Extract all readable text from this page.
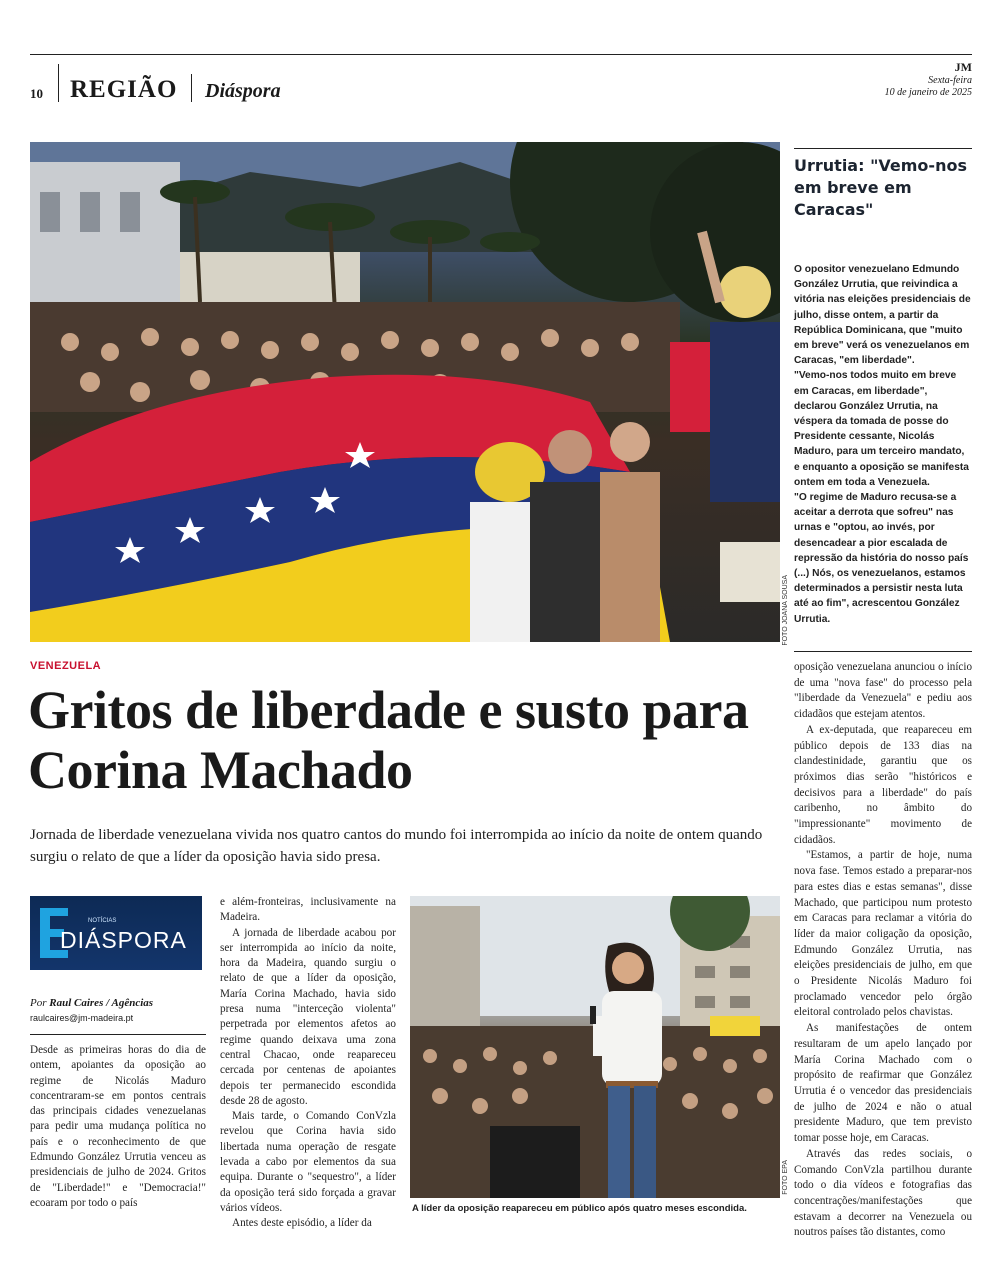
10 REGIÃO Diáspora
JM
Sexta-feira
10 de janeiro de 2025
FOTO JOANA SOUSA
Urrutia: "Vemo-nos em breve em Caracas"

O opositor venezuelano Edmundo González Urrutia, que reivindica a vitória nas eleições presidenciais de julho, disse ontem, a partir da República Dominicana, que "muito em breve" verá os venezuelanos em Caracas, "em liberdade".

"Vemo-nos todos muito em breve em Caracas, em liberdade", declarou González Urrutia, na véspera da tomada de posse do Presidente cessante, Nicolás Maduro, para um terceiro mandato, e enquanto a oposição se manifesta ontem em toda a Venezuela.

"O regime de Maduro recusa-se a aceitar a derrota que sofreu" nas urnas e "optou, ao invés, por desencadear a pior escalada de repressão da história do nosso país (...) Nós, os venezuelanos, estamos determinados a persistir nesta luta até ao fim", acrescentou González Urrutia.

VENEZUELA
Gritos de liberdade e susto para Corina Machado
Jornada de liberdade venezuelana vivida nos quatro cantos do mundo foi interrompida ao início da noite de ontem quando surgiu o relato de que a líder da oposição havia sido presa.
NOTÍCIAS
DIÁSPORA
Por Raul Caires / Agências
raulcaires@jm-madeira.pt

Desde as primeiras horas do dia de ontem, apoiantes da oposição ao regime de Nicolás Maduro concentraram-se em pontos centrais das principais cidades venezuelanas para pedir uma mudança política no país e o reconhecimento de que Edmundo González Urrutia venceu as presidenciais de julho de 2024. Gritos de "Liberdade!" e "Democracia!" ecoaram por todo o país

e além-fronteiras, inclusivamente na Madeira.

A jornada de liberdade acabou por ser interrompida ao início da noite, hora da Madeira, quando surgiu o relato de que a líder da oposição, María Corina Machado, havia sido presa numa "interceção violenta" perpetrada por elementos afetos ao regime quando deixava uma zona central Chacao, onde reapareceu cercada por centenas de apoiantes depois ter permanecido escondida desde 28 de agosto.

Mais tarde, o Comando ConVzla revelou que Corina havia sido libertada numa operação de resgate levada a cabo por elementos da sua equipa. Durante o "sequestro", a líder da oposição terá sido forçada a gravar vários vídeos.

Antes deste episódio, a líder da

FOTO EPA
A líder da oposição reapareceu em público após quatro meses escondida.

oposição venezuelana anunciou o início de uma "nova fase" do processo pela "liberdade da Venezuela" e pediu aos cidadãos que estejam atentos.

A ex-deputada, que reapareceu em público depois de 133 dias na clandestinidade, garantiu que os próximos dias serão "históricos e decisivos para a liberdade" do país caribenho, no âmbito do "impressionante" movimento de cidadãos.

"Estamos, a partir de hoje, numa nova fase. Temos estado a preparar-nos para estes dias e estas semanas", disse Machado, que participou num protesto em Caracas para reclamar a vitória do líder da maior coligação da oposição, Edmundo González Urrutia, nas eleições presidenciais de julho, em que o Presidente Nicolás Maduro foi proclamado vencedor pelo órgão eleitoral controlado pelos chavistas.

As manifestações de ontem resultaram de um apelo lançado por María Corina Machado com o propósito de reafirmar que González Urrutia é o vencedor das presidenciais de julho de 2024 e não o atual presidente Maduro, que tem previsto tomar posse hoje, em Caracas.

Através das redes sociais, o Comando ConVzla partilhou durante todo o dia vídeos e fotografias das concentrações/manifestações que estavam a decorrer na Venezuela ou noutros países tão distantes, como
